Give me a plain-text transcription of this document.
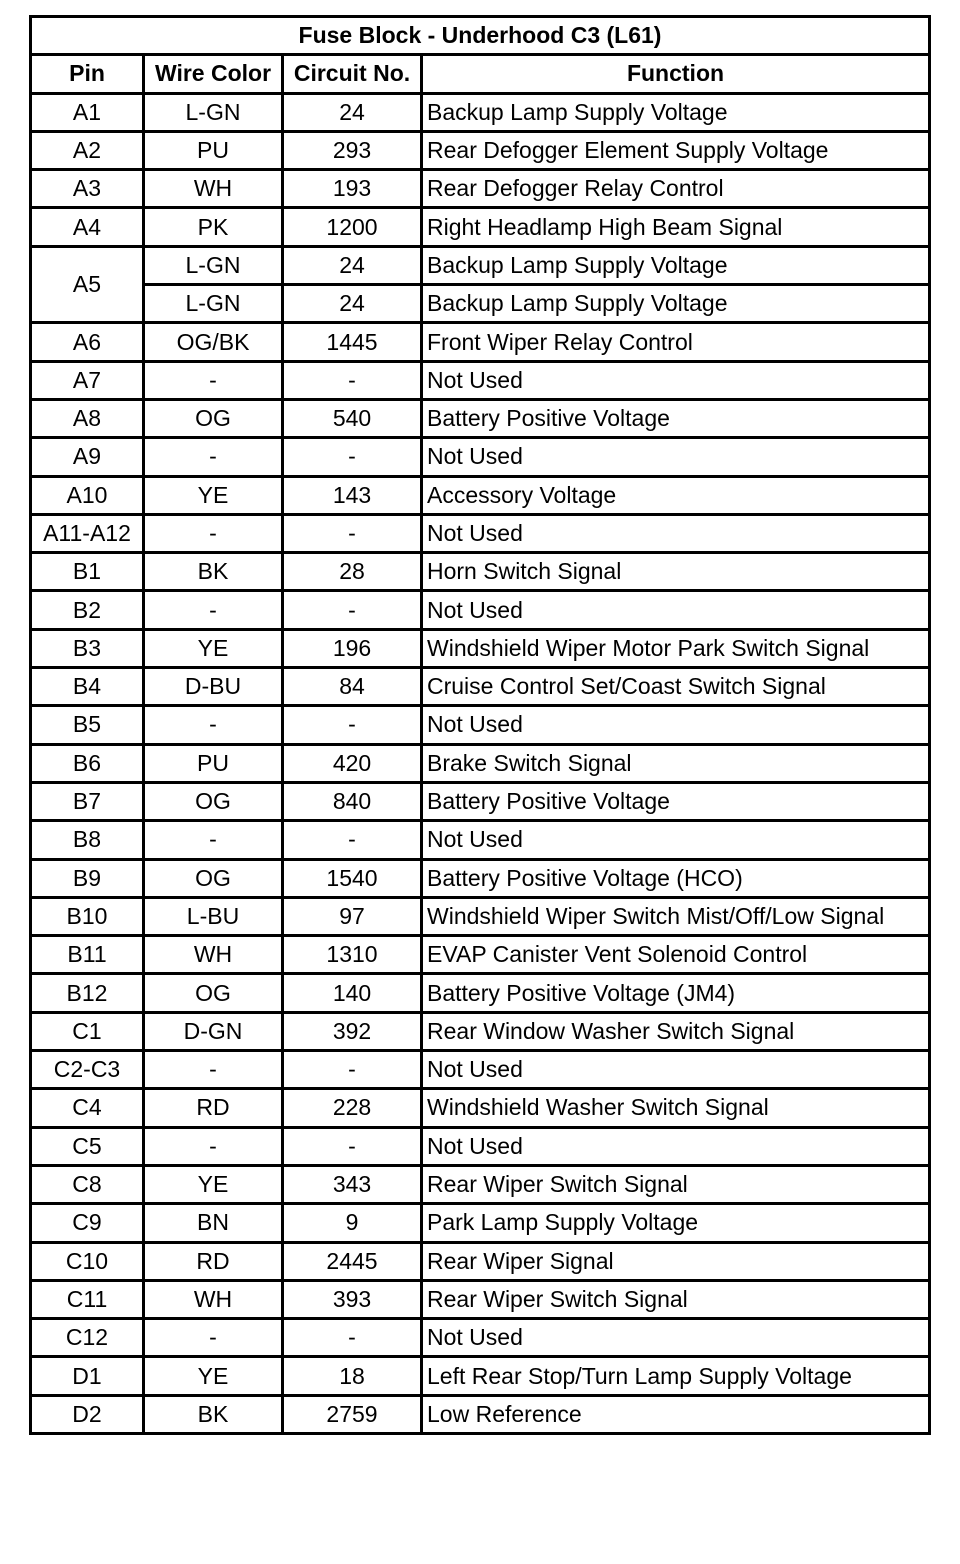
Fuse Block - Underhood C3 (L61)			
Pin	Wire Color	Circuit No.	Function
A1	L-GN	24	Backup Lamp Supply Voltage
A2	PU	293	Rear Defogger Element Supply Voltage
A3	WH	193	Rear Defogger Relay Control
A4	PK	1200	Right Headlamp High Beam Signal
A5	L-GN	24	Backup Lamp Supply Voltage
	L-GN	24	Backup Lamp Supply Voltage
A6	OG/BK	1445	Front Wiper Relay Control
A7	-	-	Not Used
A8	OG	540	Battery Positive Voltage
A9	-	-	Not Used
A10	YE	143	Accessory Voltage
A11-A12	-	-	Not Used
B1	BK	28	Horn Switch Signal
B2	-	-	Not Used
B3	YE	196	Windshield Wiper Motor Park Switch Signal
B4	D-BU	84	Cruise Control Set/Coast Switch Signal
B5	-	-	Not Used
B6	PU	420	Brake Switch Signal
B7	OG	840	Battery Positive Voltage
B8	-	-	Not Used
B9	OG	1540	Battery Positive Voltage (HCO)
B10	L-BU	97	Windshield Wiper Switch Mist/Off/Low Signal
B11	WH	1310	EVAP Canister Vent Solenoid Control
B12	OG	140	Battery Positive Voltage (JM4)
C1	D-GN	392	Rear Window Washer Switch Signal
C2-C3	-	-	Not Used
C4	RD	228	Windshield Washer Switch Signal
C5	-	-	Not Used
C8	YE	343	Rear Wiper Switch Signal
C9	BN	9	Park Lamp Supply Voltage
C10	RD	2445	Rear Wiper Signal
C11	WH	393	Rear Wiper Switch Signal
C12	-	-	Not Used
D1	YE	18	Left Rear Stop/Turn Lamp Supply Voltage
D2	BK	2759	Low Reference
